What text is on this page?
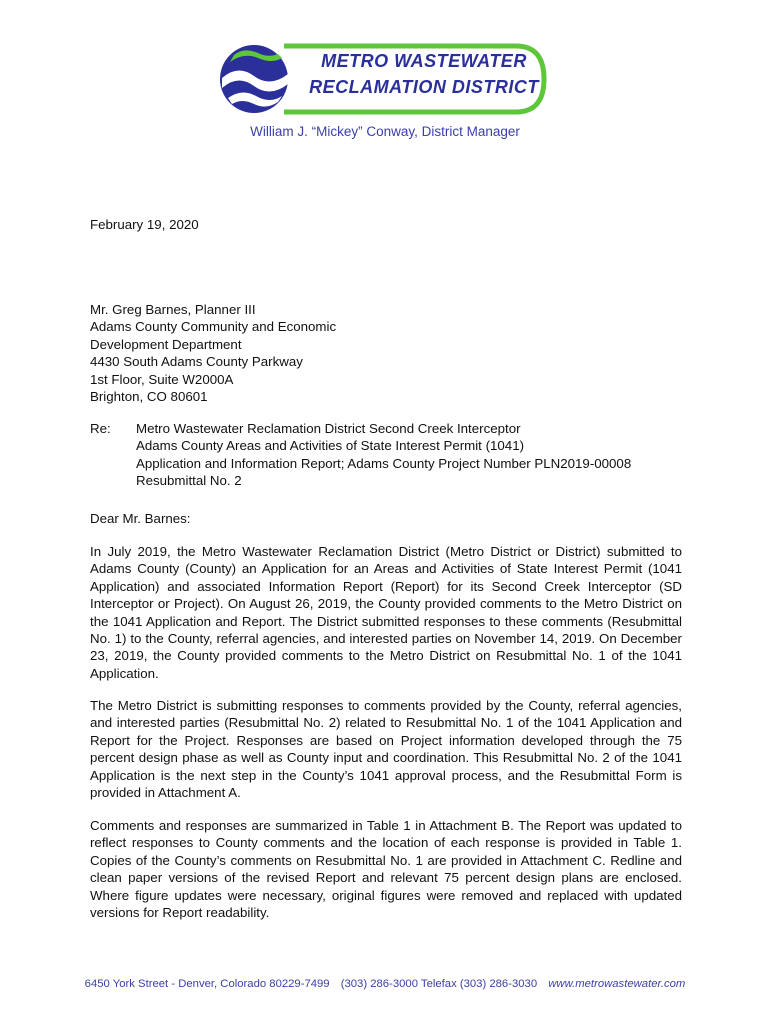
METRO WASTEWATER
RECLAMATION DISTRICT
William J. “Mickey” Conway, District Manager
February 19, 2020
Mr. Greg Barnes, Planner III
Adams County Community and Economic
Development Department
4430 South Adams County Parkway
1st Floor, Suite W2000A
Brighton, CO 80601
Re: Metro Wastewater Reclamation District Second Creek Interceptor
Adams County Areas and Activities of State Interest Permit (1041)
Application and Information Report; Adams County Project Number PLN2019-00008
Resubmittal No. 2
Dear Mr. Barnes:
In July 2019, the Metro Wastewater Reclamation District (Metro District or District) submitted to Adams County (County) an Application for an Areas and Activities of State Interest Permit (1041 Application) and associated Information Report (Report) for its Second Creek Interceptor (SD Interceptor or Project). On August 26, 2019, the County provided comments to the Metro District on the 1041 Application and Report. The District submitted responses to these comments (Resubmittal No. 1) to the County, referral agencies, and interested parties on November 14, 2019. On December 23, 2019, the County provided comments to the Metro District on Resubmittal No. 1 of the 1041 Application.
The Metro District is submitting responses to comments provided by the County, referral agencies, and interested parties (Resubmittal No. 2) related to Resubmittal No. 1 of the 1041 Application and Report for the Project. Responses are based on Project information developed through the 75 percent design phase as well as County input and coordination. This Resubmittal No. 2 of the 1041 Application is the next step in the County’s 1041 approval process, and the Resubmittal Form is provided in Attachment A.
Comments and responses are summarized in Table 1 in Attachment B. The Report was updated to reflect responses to County comments and the location of each response is provided in Table 1. Copies of the County’s comments on Resubmittal No. 1 are provided in Attachment C. Redline and clean paper versions of the revised Report and relevant 75 percent design plans are enclosed. Where figure updates were necessary, original figures were removed and replaced with updated versions for Report readability.
6450 York Street - Denver, Colorado 80229-7499 (303) 286-3000 Telefax (303) 286-3030 www.metrowastewater.com
